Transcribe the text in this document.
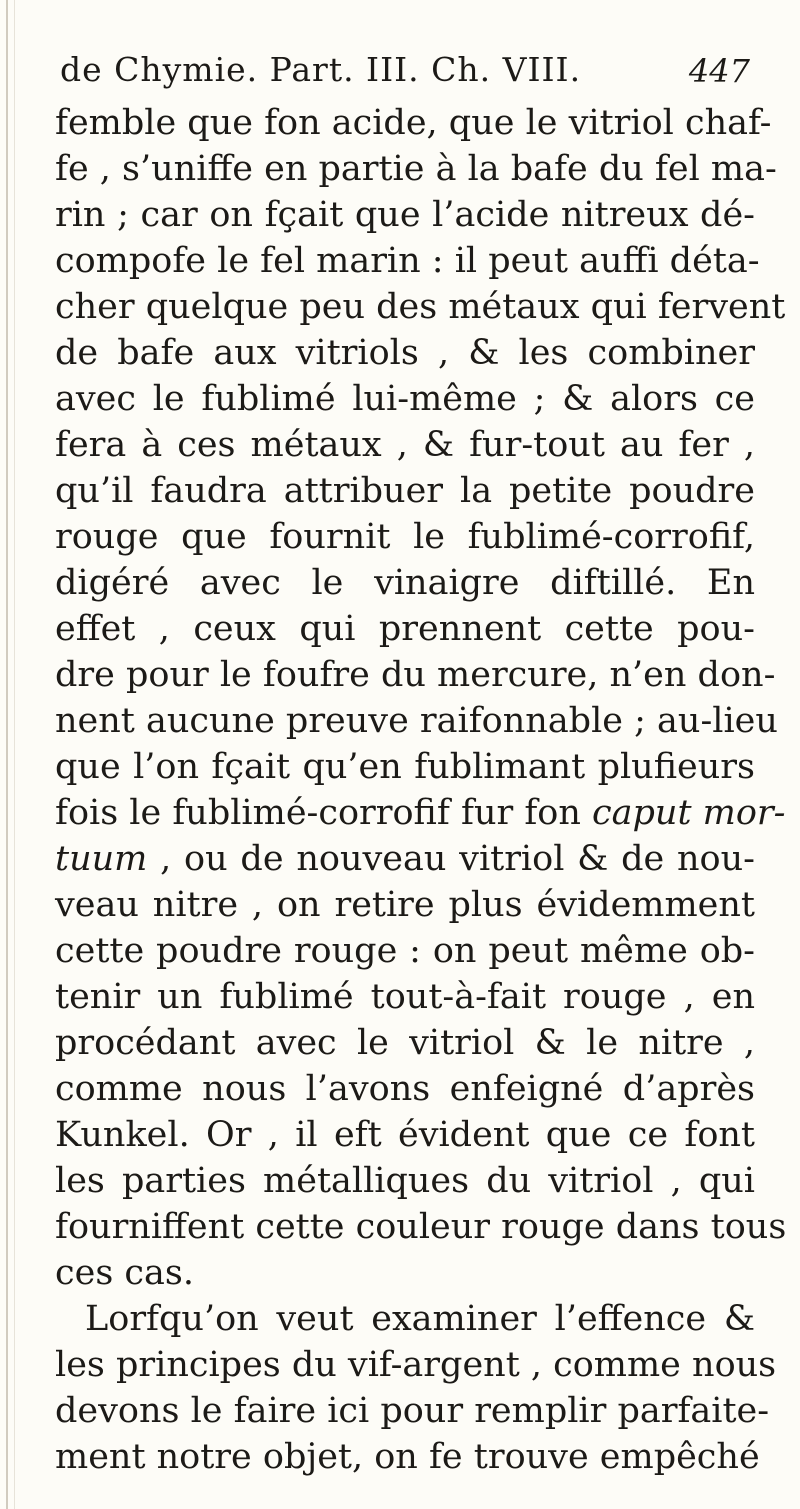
de Chymie. Part. III. Ch. VIII.	447
femble que fon acide, que le vitriol chaf-
fe , s’uniffe en partie à la bafe du fel ma-
rin ; car on fçait que l’acide nitreux dé-
compofe le fel marin : il peut auffi déta-
cher quelque peu des métaux qui fervent
de bafe aux vitriols , & les combiner
avec le fublimé lui-même ; & alors ce
fera à ces métaux , & fur-tout au fer ,
qu’il faudra attribuer la petite poudre
rouge que fournit le fublimé-corrofif,
digéré avec le vinaigre diftillé. En
effet , ceux qui prennent cette pou-
dre pour le foufre du mercure, n’en don-
nent aucune preuve raifonnable ; au-lieu
que l’on fçait qu’en fublimant plufieurs
fois le fublimé-corrofif fur fon caput mor-
tuum , ou de nouveau vitriol & de nou-
veau nitre , on retire plus évidemment
cette poudre rouge : on peut même ob-
tenir un fublimé tout-à-fait rouge , en
procédant avec le vitriol & le nitre ,
comme nous l’avons enfeigné d’après
Kunkel. Or , il eft évident que ce font
les parties métalliques du vitriol , qui
fourniffent cette couleur rouge dans tous
ces cas.
Lorfqu’on veut examiner l’effence &
les principes du vif-argent , comme nous
devons le faire ici pour remplir parfaite-
ment notre objet, on fe trouve empêché
